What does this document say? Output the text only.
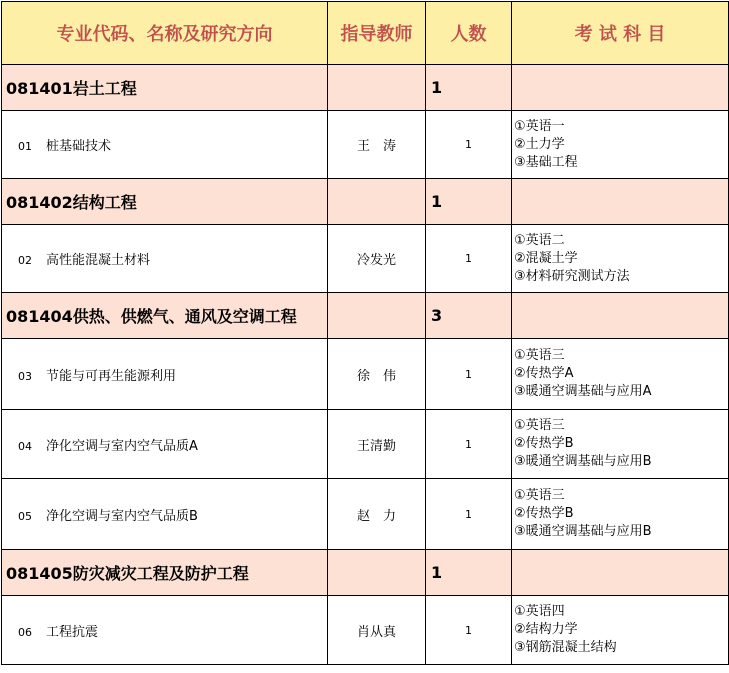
专业代码、名称及研究方向	指导教师	人数	考 试 科 目
081401岩土工程		1	
01 桩基础技术	王　涛	1	①英语一
②土力学
③基础工程

081402结构工程		1	
02 高性能混凝土材料	冷发光	1	①英语二
②混凝土学
③材料研究测试方法

081404供热、供燃气、通风及空调工程		3	
03 节能与可再生能源利用	徐　伟	1	①英语三
②传热学A
③暖通空调基础与应用A

04 净化空调与室内空气品质A	王清勤	1	①英语三
②传热学B
③暖通空调基础与应用B

05 净化空调与室内空气品质B	赵　力	1	①英语三
②传热学B
③暖通空调基础与应用B

081405防灾减灾工程及防护工程		1	
06 工程抗震	肖从真	1	①英语四
②结构力学
③钢筋混凝土结构
